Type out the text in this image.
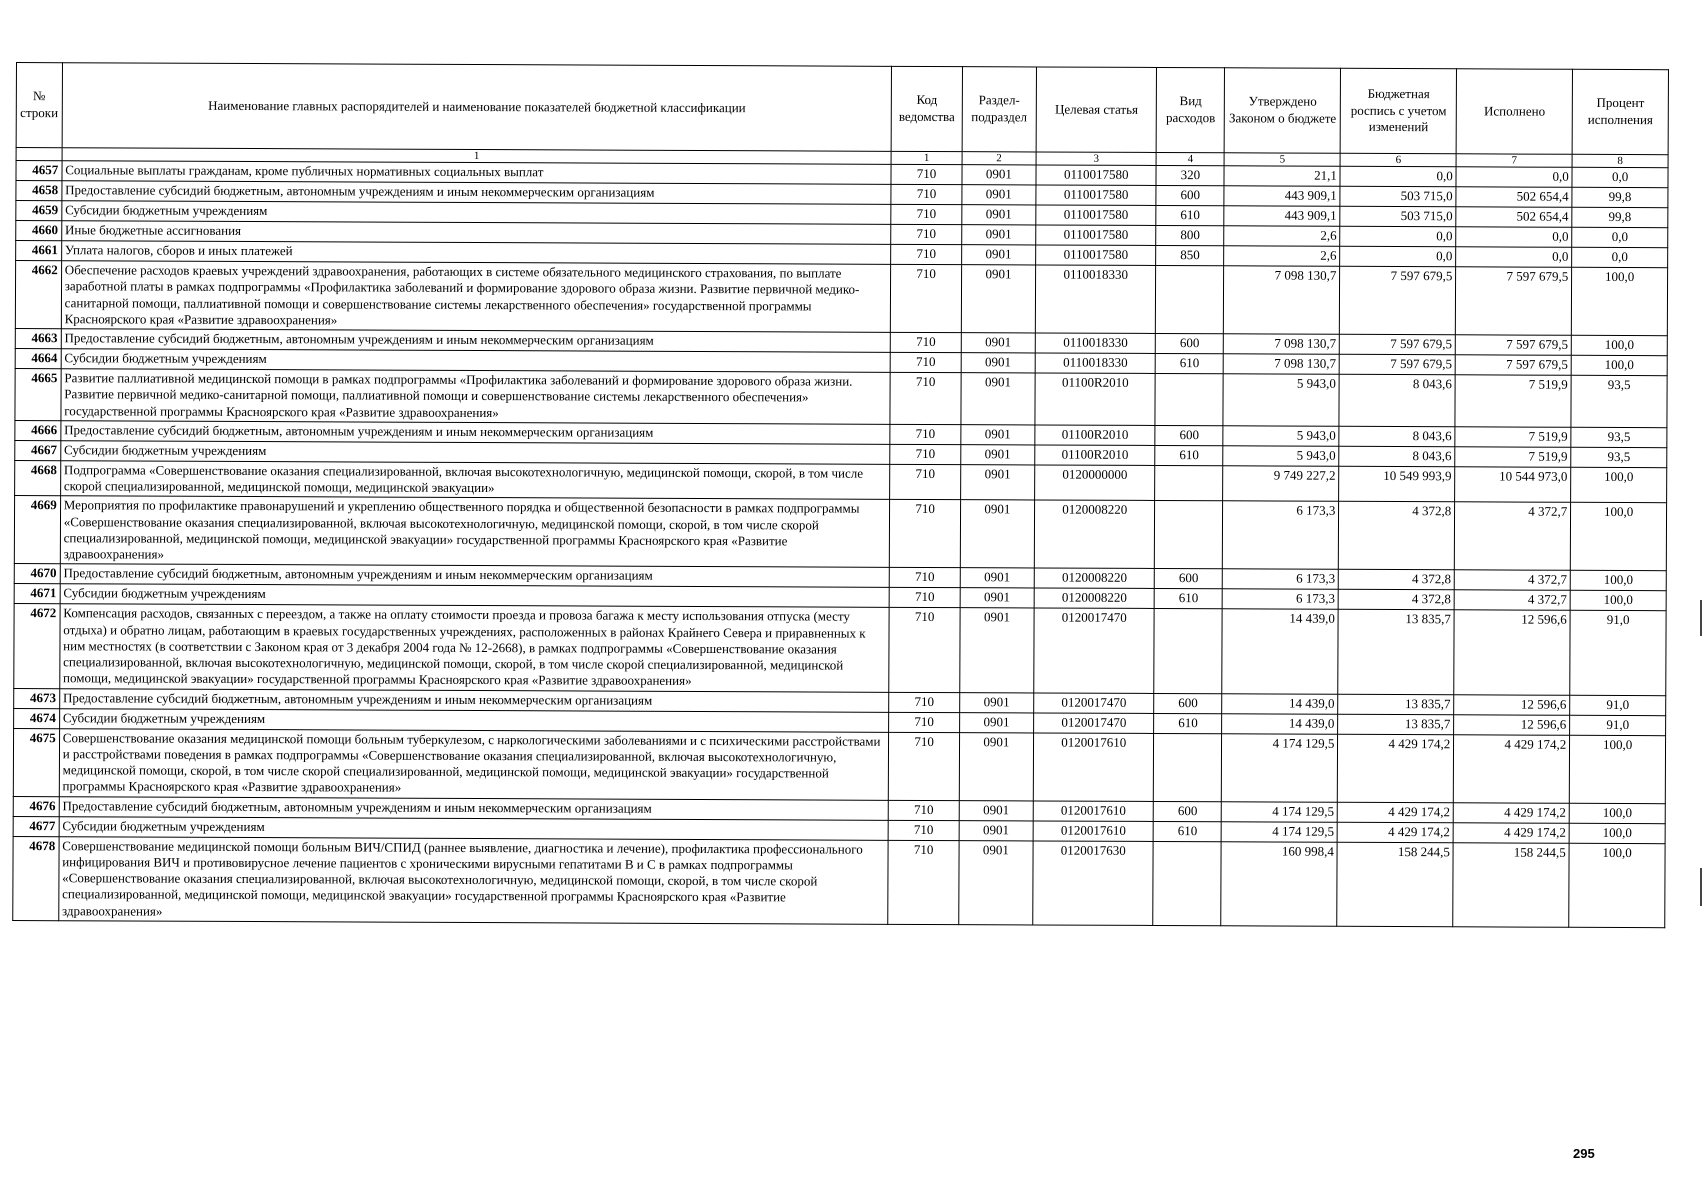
№ строки	Наименование главных распорядителей и наименование показателей бюджетной классификации	Код ведомства	Раздел-подраздел	Целевая статья	Вид расходов	Утверждено Законом о бюджете	Бюджетная роспись с учетом изменений	Исполнено	Процент исполнения
	1	1	2	3	4	5	6	7	8
4657	Социальные выплаты гражданам, кроме публичных нормативных социальных выплат	710	0901	0110017580	320	21,1	0,0	0,0	0,0
4658	Предоставление субсидий бюджетным, автономным учреждениям и иным некоммерческим организациям	710	0901	0110017580	600	443 909,1	503 715,0	502 654,4	99,8
4659	Субсидии бюджетным учреждениям	710	0901	0110017580	610	443 909,1	503 715,0	502 654,4	99,8
4660	Иные бюджетные ассигнования	710	0901	0110017580	800	2,6	0,0	0,0	0,0
4661	Уплата налогов, сборов и иных платежей	710	0901	0110017580	850	2,6	0,0	0,0	0,0
4662	Обеспечение расходов краевых учреждений здравоохранения, работающих в системе обязательного медицинского страхования, по выплате заработной платы в рамках подпрограммы «Профилактика заболеваний и формирование здорового образа жизни. Развитие первичной медико-санитарной помощи, паллиативной помощи и совершенствование системы лекарственного обеспечения» государственной программы Красноярского края «Развитие здравоохранения»	710	0901	0110018330		7 098 130,7	7 597 679,5	7 597 679,5	100,0
4663	Предоставление субсидий бюджетным, автономным учреждениям и иным некоммерческим организациям	710	0901	0110018330	600	7 098 130,7	7 597 679,5	7 597 679,5	100,0
4664	Субсидии бюджетным учреждениям	710	0901	0110018330	610	7 098 130,7	7 597 679,5	7 597 679,5	100,0
4665	Развитие паллиативной медицинской помощи в рамках подпрограммы «Профилактика заболеваний и формирование здорового образа жизни. Развитие первичной медико-санитарной помощи, паллиативной помощи и совершенствование системы лекарственного обеспечения» государственной программы Красноярского края «Развитие здравоохранения»	710	0901	01100R2010		5 943,0	8 043,6	7 519,9	93,5
4666	Предоставление субсидий бюджетным, автономным учреждениям и иным некоммерческим организациям	710	0901	01100R2010	600	5 943,0	8 043,6	7 519,9	93,5
4667	Субсидии бюджетным учреждениям	710	0901	01100R2010	610	5 943,0	8 043,6	7 519,9	93,5
4668	Подпрограмма «Совершенствование оказания специализированной, включая высокотехнологичную, медицинской помощи, скорой, в том числе скорой специализированной, медицинской помощи, медицинской эвакуации»	710	0901	0120000000		9 749 227,2	10 549 993,9	10 544 973,0	100,0
4669	Мероприятия по профилактике правонарушений и укреплению общественного порядка и общественной безопасности в рамках подпрограммы «Совершенствование оказания специализированной, включая высокотехнологичную, медицинской помощи, скорой, в том числе скорой специализированной, медицинской помощи, медицинской эвакуации» государственной программы Красноярского края «Развитие здравоохранения»	710	0901	0120008220		6 173,3	4 372,8	4 372,7	100,0
4670	Предоставление субсидий бюджетным, автономным учреждениям и иным некоммерческим организациям	710	0901	0120008220	600	6 173,3	4 372,8	4 372,7	100,0
4671	Субсидии бюджетным учреждениям	710	0901	0120008220	610	6 173,3	4 372,8	4 372,7	100,0
4672	Компенсация расходов, связанных с переездом, а также на оплату стоимости проезда и провоза багажа к месту использования отпуска (месту отдыха) и обратно лицам, работающим в краевых государственных учреждениях, расположенных в районах Крайнего Севера и приравненных к ним местностях (в соответствии с Законом края от 3 декабря 2004 года № 12-2668), в рамках подпрограммы «Совершенствование оказания специализированной, включая высокотехнологичную, медицинской помощи, скорой, в том числе скорой специализированной, медицинской помощи, медицинской эвакуации» государственной программы Красноярского края «Развитие здравоохранения»	710	0901	0120017470		14 439,0	13 835,7	12 596,6	91,0
4673	Предоставление субсидий бюджетным, автономным учреждениям и иным некоммерческим организациям	710	0901	0120017470	600	14 439,0	13 835,7	12 596,6	91,0
4674	Субсидии бюджетным учреждениям	710	0901	0120017470	610	14 439,0	13 835,7	12 596,6	91,0
4675	Совершенствование оказания медицинской помощи больным туберкулезом, с наркологическими заболеваниями и с психическими расстройствами и расстройствами поведения в рамках подпрограммы «Совершенствование оказания специализированной, включая высокотехнологичную, медицинской помощи, скорой, в том числе скорой специализированной, медицинской помощи, медицинской эвакуации» государственной программы Красноярского края «Развитие здравоохранения»	710	0901	0120017610		4 174 129,5	4 429 174,2	4 429 174,2	100,0
4676	Предоставление субсидий бюджетным, автономным учреждениям и иным некоммерческим организациям	710	0901	0120017610	600	4 174 129,5	4 429 174,2	4 429 174,2	100,0
4677	Субсидии бюджетным учреждениям	710	0901	0120017610	610	4 174 129,5	4 429 174,2	4 429 174,2	100,0
4678	Совершенствование медицинской помощи больным ВИЧ/СПИД (раннее выявление, диагностика и лечение), профилактика профессионального инфицирования ВИЧ и противовирусное лечение пациентов с хроническими вирусными гепатитами В и С в рамках подпрограммы «Совершенствование оказания специализированной, включая высокотехнологичную, медицинской помощи, скорой, в том числе скорой специализированной, медицинской помощи, медицинской эвакуации» государственной программы Красноярского края «Развитие здравоохранения»	710	0901	0120017630		160 998,4	158 244,5	158 244,5	100,0
295
